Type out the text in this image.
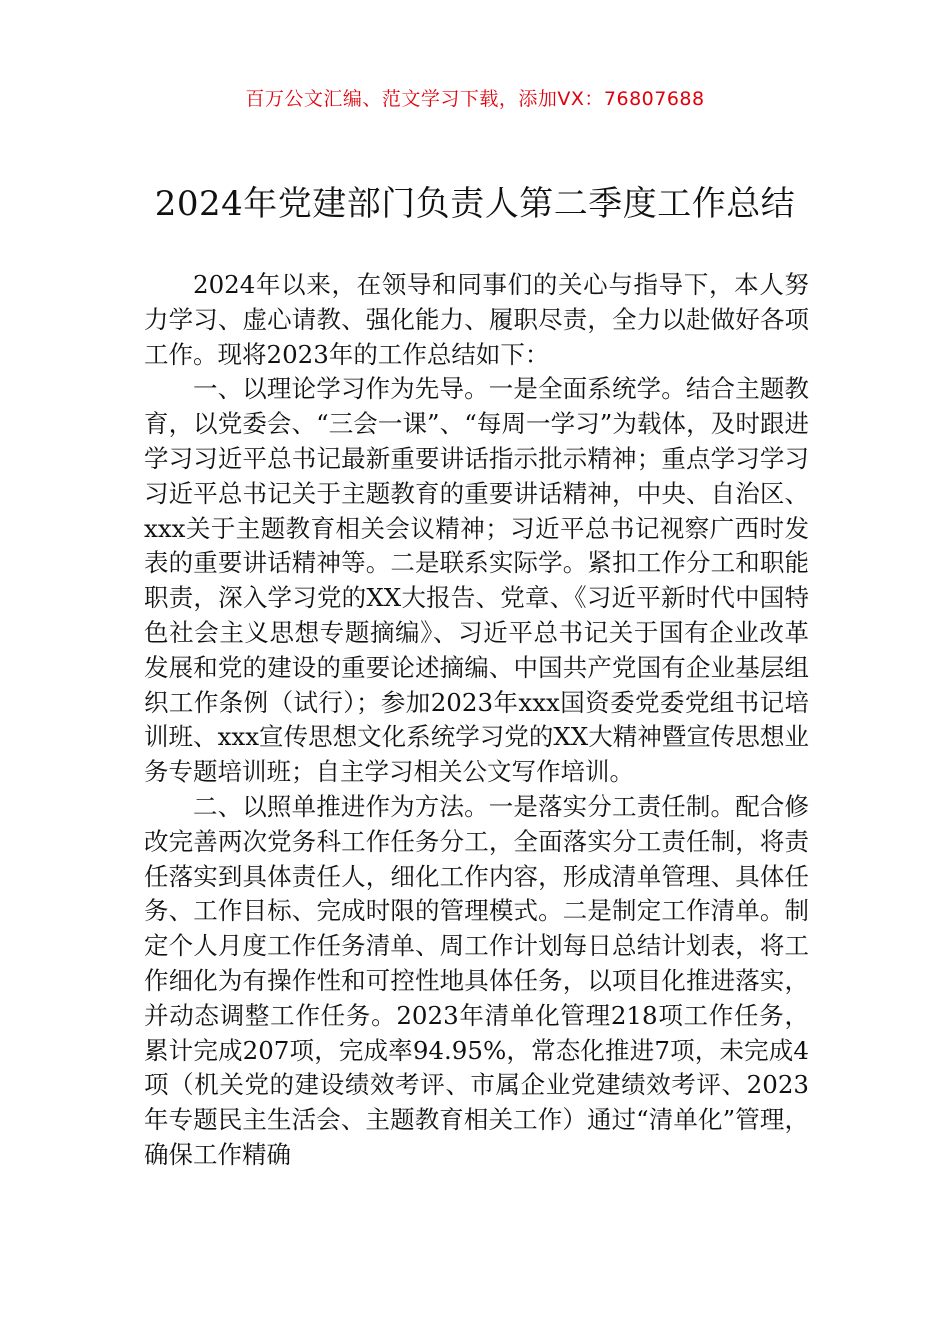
百万公文汇编、范文学习下载，添加VX：76807688
2024年党建部门负责人第二季度工作总结

2024年以来，在领导和同事们的关心与指导下，本人努力学习、虚心请教、强化能力、履职尽责，全力以赴做好各项工作。现将2023年的工作总结如下：

一、以理论学习作为先导。一是全面系统学。结合主题教育，以党委会、“三会一课”、“每周一学习”为载体，及时跟进学习习近平总书记最新重要讲话指示批示精神；重点学习学习习近平总书记关于主题教育的重要讲话精神，中央、自治区、xxx关于主题教育相关会议精神；习近平总书记视察广西时发表的重要讲话精神等。二是联系实际学。紧扣工作分工和职能职责，深入学习党的XX大报告、党章、《习近平新时代中国特色社会主义思想专题摘编》、习近平总书记关于国有企业改革发展和党的建设的重要论述摘编、中国共产党国有企业基层组织工作条例（试行）；参加2023年xxx国资委党委党组书记培训班、xxx宣传思想文化系统学习党的XX大精神暨宣传思想业务专题培训班；自主学习相关公文写作培训。

二、以照单推进作为方法。一是落实分工责任制。配合修改完善两次党务科工作任务分工，全面落实分工责任制，将责任落实到具体责任人，细化工作内容，形成清单管理、具体任务、工作目标、完成时限的管理模式。二是制定工作清单。制定个人月度工作任务清单、周工作计划每日总结计划表，将工作细化为有操作性和可控性地具体任务，以项目化推进落实，并动态调整工作任务。2023年清单化管理218项工作任务，累计完成207项，完成率94.95%，常态化推进7项，未完成4项（机关党的建设绩效考评、市属企业党建绩效考评、2023年专题民主生活会、主题教育相关工作）通过“清单化”管理，确保工作精确
